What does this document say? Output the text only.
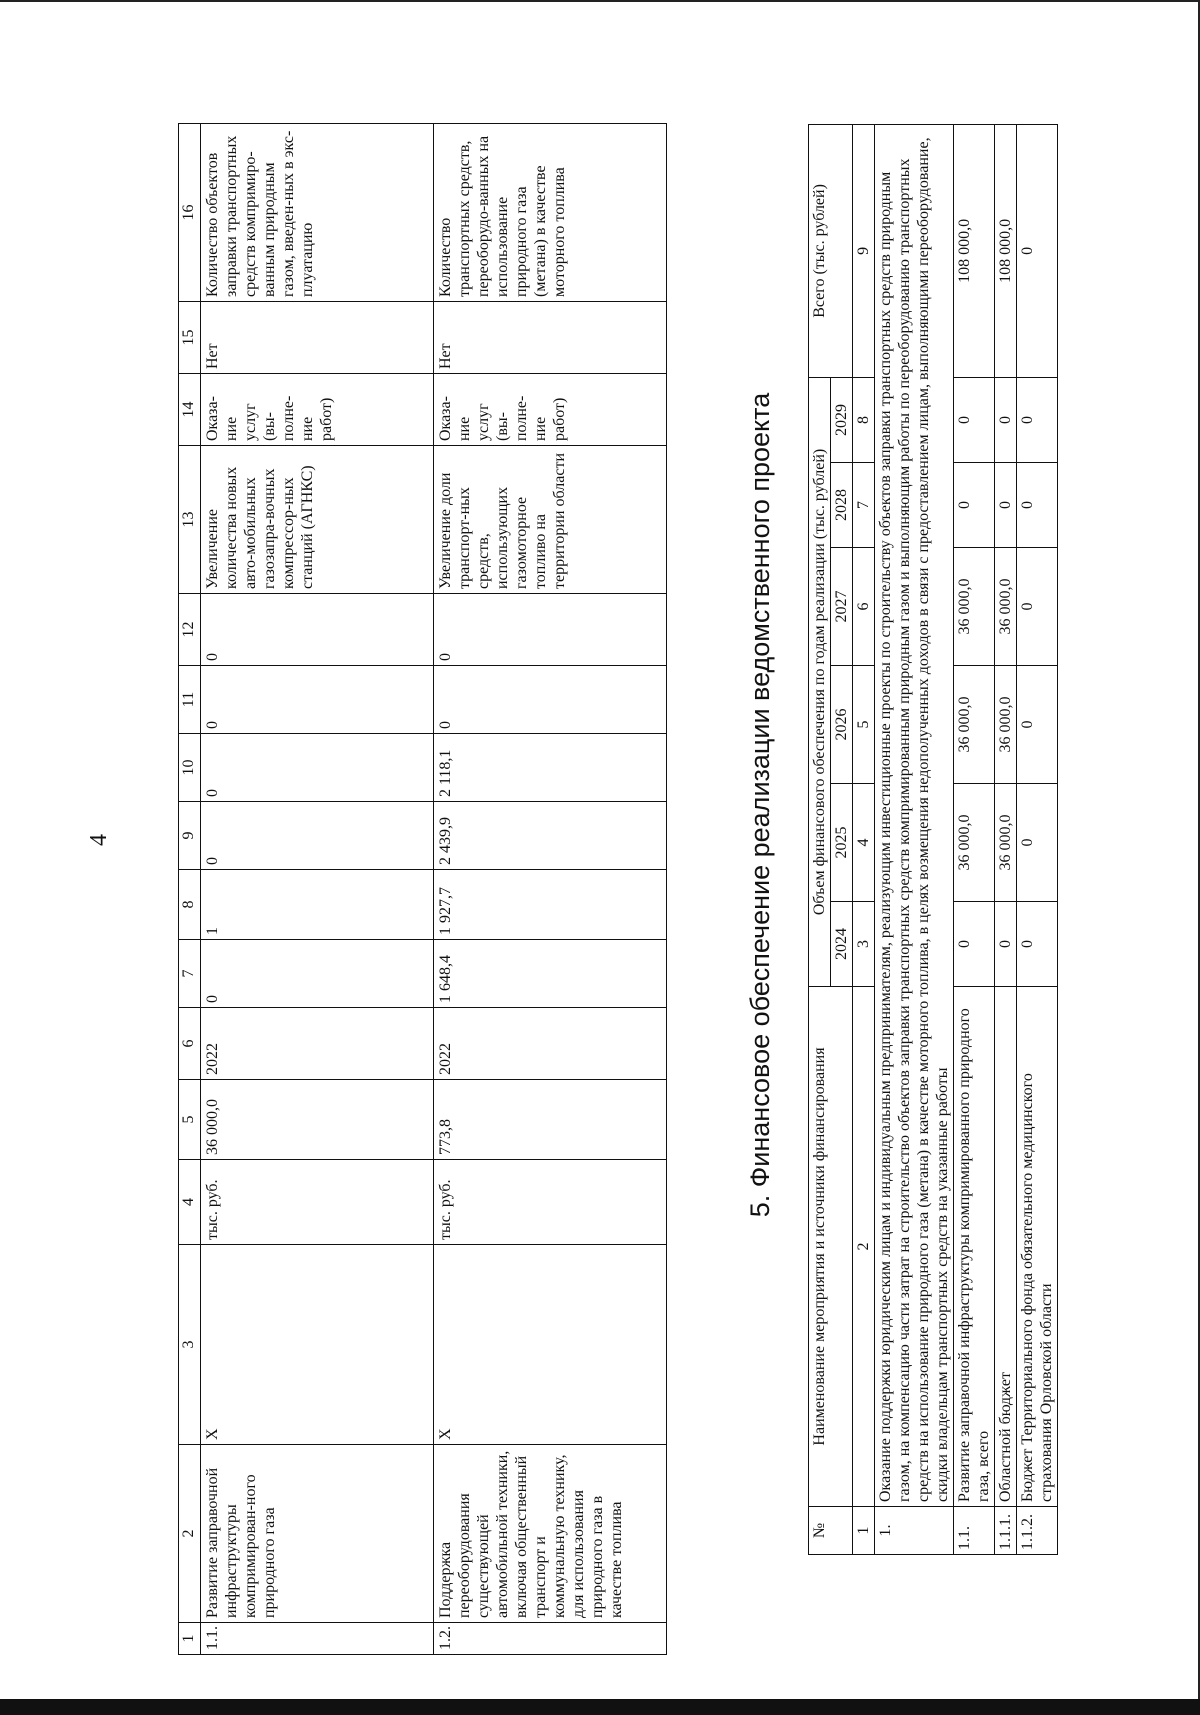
4
1	2	3	4	5	6	7	8	9	10	11	12	13	14	15	16
1.1.	Развитие заправочной инфраструктуры компримирован-ного природного газа	X	тыс. руб.	36 000,0	2022	0	1	0	0	0	0	Увеличение количества новых авто-мобильных газозапра-вочных компрессор-ных станций (АГНКС)	Оказа-ние услуг (вы-полне-ние работ)	Нет	Количество объектов заправки транспортных средств компримиро-ванным природным газом, введен-ных в экс-плуатацию
1.2.	Поддержка переоборудования существующей автомобильной техники, включая общественный транспорт и коммунальную технику, для использования природного газа в качестве топлива	X	тыс. руб.	773,8	2022	1 648,4	1 927,7	2 439,9	2 118,1	0	0	Увеличение доли транспорт-ных средств, использующих газомоторное топливо на территории области	Оказа-ние услуг (вы-полне-ние работ)	Нет	Количество транспортных средств, переоборудо-ванных на использование природного газа (метана) в качестве моторного топлива
5. Финансовое обеспечение реализации ведомственного проекта
№	Наименование мероприятия и источники финансирования	Объем финансового обеспечения по годам реализации (тыс. рублей)						Всего (тыс. рублей)
		2024	2025	2026	2027	2028	2029	
1	2	3	4	5	6	7	8	9
1.	Оказание поддержки юридическим лицам и индивидуальным предпринимателям, реализующим инвестиционные проекты по строительству объектов заправки транспортных средств природным газом, на компенсацию части затрат на строительство объектов заправки транспортных средств компримированным природным газом и выполняющим работы по переоборудованию транспортных средств на использование природного газа (метана) в качестве моторного топлива, в целях возмещения недополученных доходов в связи с предоставлением лицам, выполняющими переоборудование, скидки владельцам транспортных средств на указанные работы							
1.1.	Развитие заправочной инфраструктуры компримированного природного газа, всего	0	36 000,0	36 000,0	36 000,0	0	0	108 000,0
1.1.1.	Областной бюджет	0	36 000,0	36 000,0	36 000,0	0	0	108 000,0
1.1.2.	Бюджет Территориального фонда обязательного медицинского страхования Орловской области	0	0	0	0	0	0	0
